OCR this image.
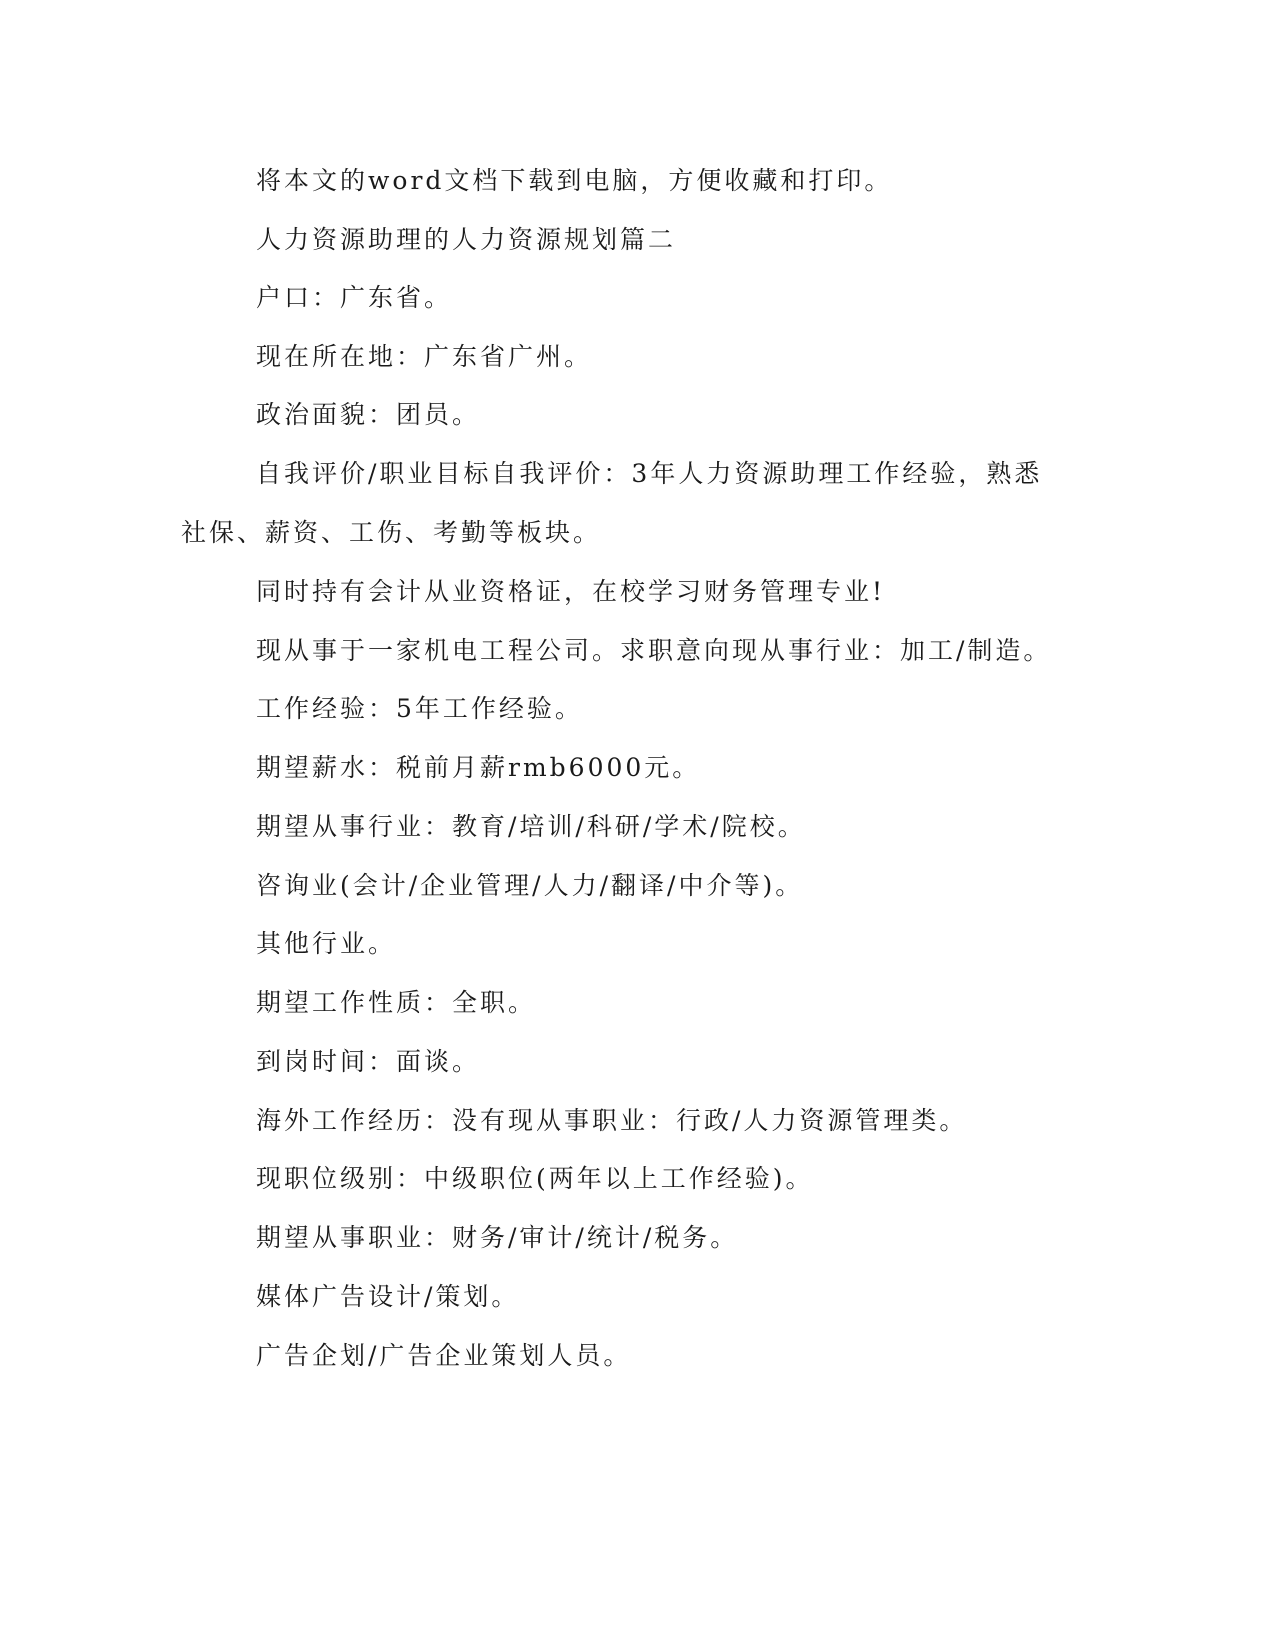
将本文的word文档下载到电脑，方便收藏和打印。

人力资源助理的人力资源规划篇二

户口：广东省。

现在所在地：广东省广州。

政治面貌：团员。

自我评价/职业目标自我评价：3年人力资源助理工作经验，熟悉社保、薪资、工伤、考勤等板块。

同时持有会计从业资格证，在校学习财务管理专业!

现从事于一家机电工程公司。求职意向现从事行业：加工/制造。

工作经验：5年工作经验。

期望薪水：税前月薪rmb6000元。

期望从事行业：教育/培训/科研/学术/院校。

咨询业(会计/企业管理/人力/翻译/中介等)。

其他行业。

期望工作性质：全职。

到岗时间：面谈。

海外工作经历：没有现从事职业：行政/人力资源管理类。

现职位级别：中级职位(两年以上工作经验)。

期望从事职业：财务/审计/统计/税务。

媒体广告设计/策划。

广告企划/广告企业策划人员。
